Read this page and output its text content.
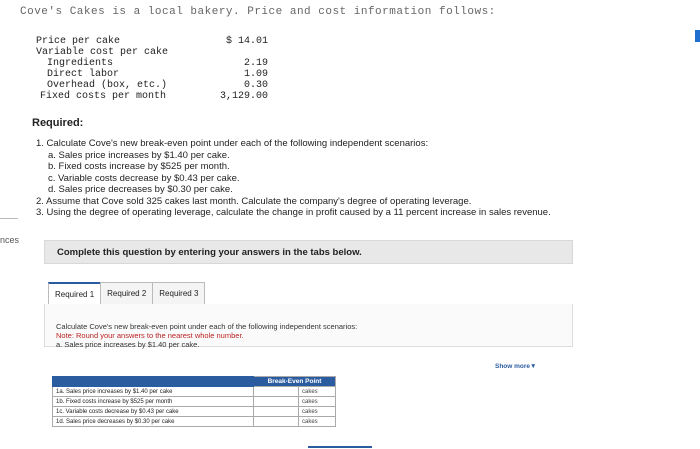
Cove's Cakes is a local bakery. Price and cost information follows:
Price per cake	$ 14.01
Variable cost per cake
Ingredients	2.19
Direct labor	1.09
Overhead (box, etc.)	0.30
Fixed costs per month	3,129.00
Required:
1. Calculate Cove's new break-even point under each of the following independent scenarios:
a. Sales price increases by $1.40 per cake.
b. Fixed costs increase by $525 per month.
c. Variable costs decrease by $0.43 per cake.
d. Sales price decreases by $0.30 per cake.
2. Assume that Cove sold 325 cakes last month. Calculate the company's degree of operating leverage.
3. Using the degree of operating leverage, calculate the change in profit caused by a 11 percent increase in sales revenue.
nces
Complete this question by entering your answers in the tabs below.
Required 1	Required 2	Required 3
Calculate Cove's new break-even point under each of the following independent scenarios:
Note: Round your answers to the nearest whole number.
a. Sales price increases by $1.40 per cake.
Show more▼
	Break-Even Point	
1a. Sales price increases by $1.40 per cake		cakes
1b. Fixed costs increase by $525 per month		cakes
1c. Variable costs decrease by $0.43 per cake		cakes
1d. Sales price decreases by $0.30 per cake		cakes
